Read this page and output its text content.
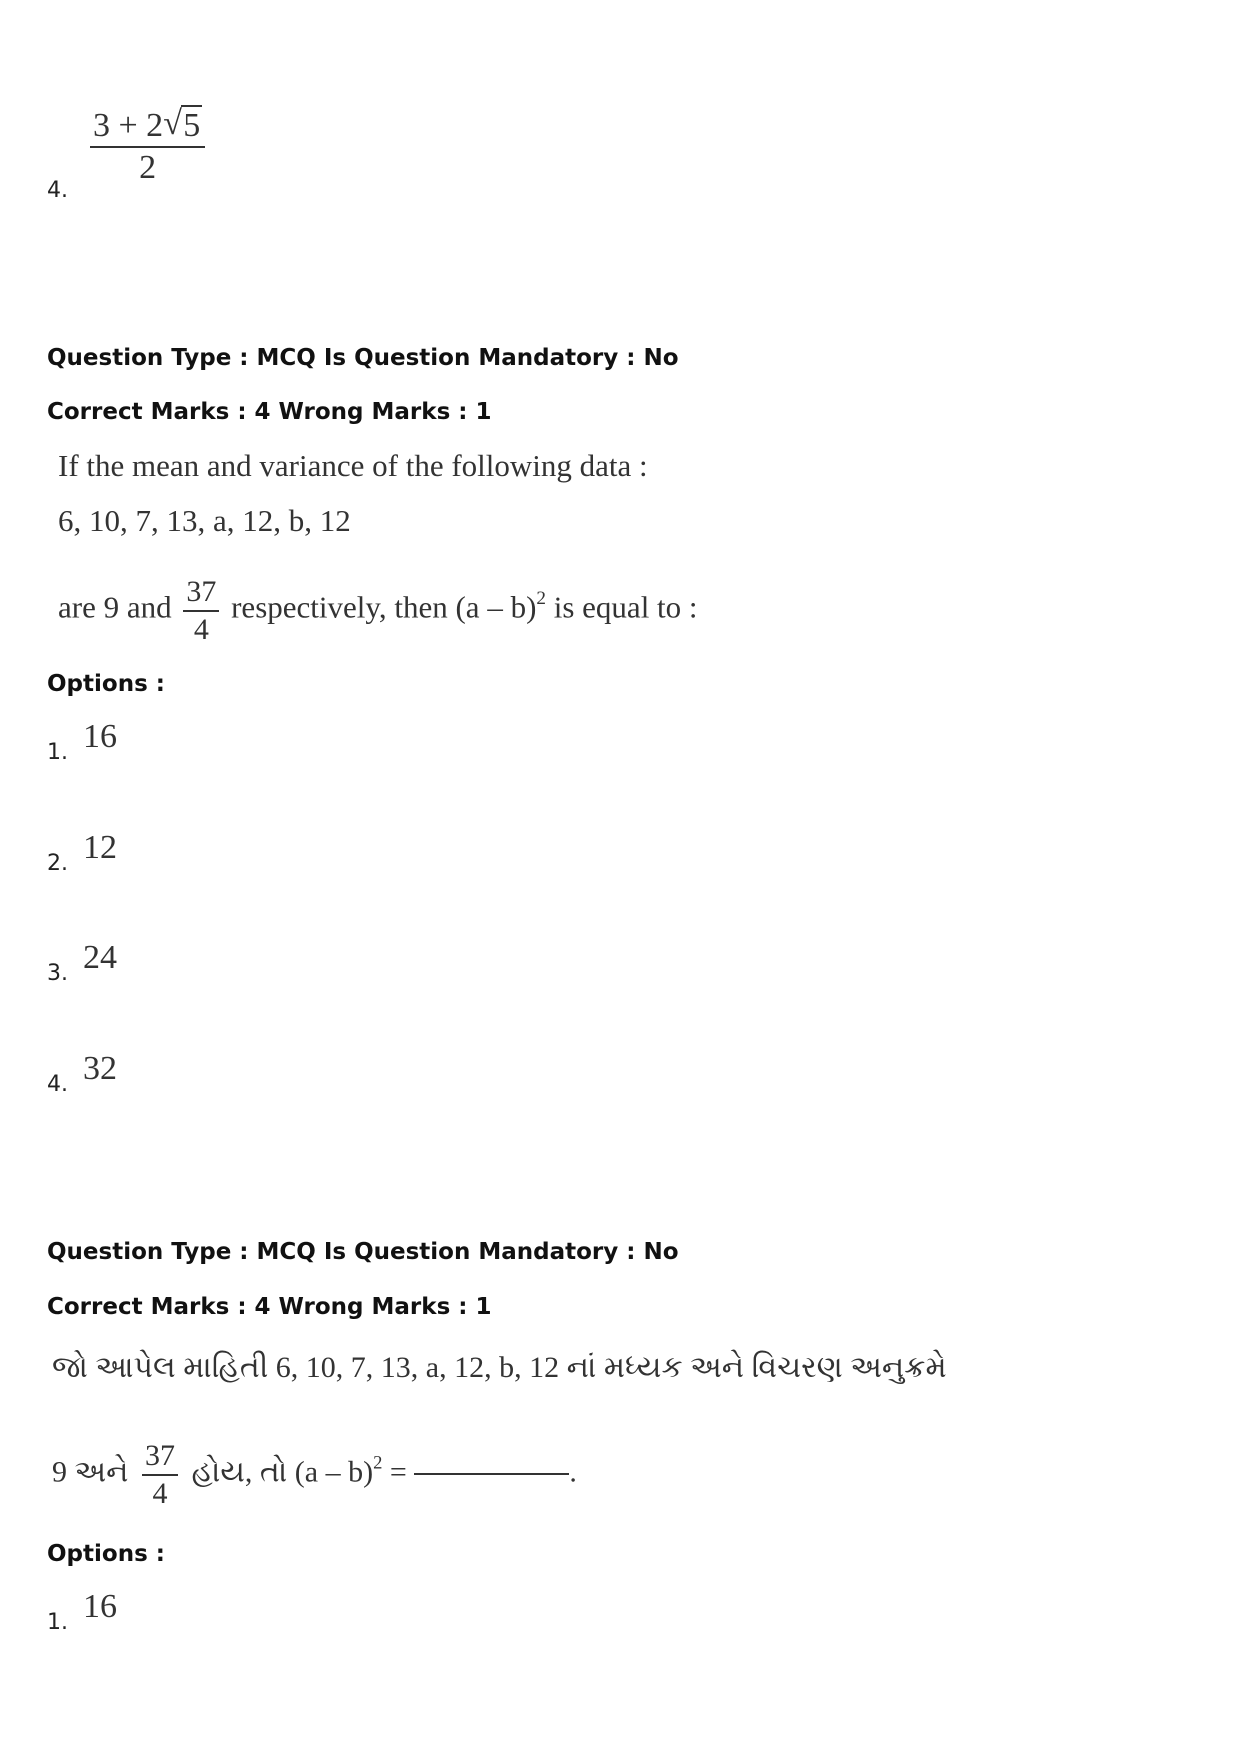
$\frac{3 + 2 √ 5}{2}$
4.
Question Type : MCQ Is Question Mandatory : No
Correct Marks : 4 Wrong Marks : 1
If the mean and variance of the following data :
6, 10, 7, 13, a, 12, b, 12
are 9 and $\frac{37}{4}$ respectively, then (a – b)$^2$ is equal to :
Options :
1. 16
2. 12
3. 24
4. 32
Question Type : MCQ Is Question Mandatory : No
Correct Marks : 4 Wrong Marks : 1
જો આપેલ માહિતી 6, 10, 7, 13, a, 12, b, 12 નાં મધ્યક અને વિચરણ અનુક્રમે
9 અને $\frac{37}{4}$ હોય, તો (a – b)$^2$ =	.
Options :
1. 16
